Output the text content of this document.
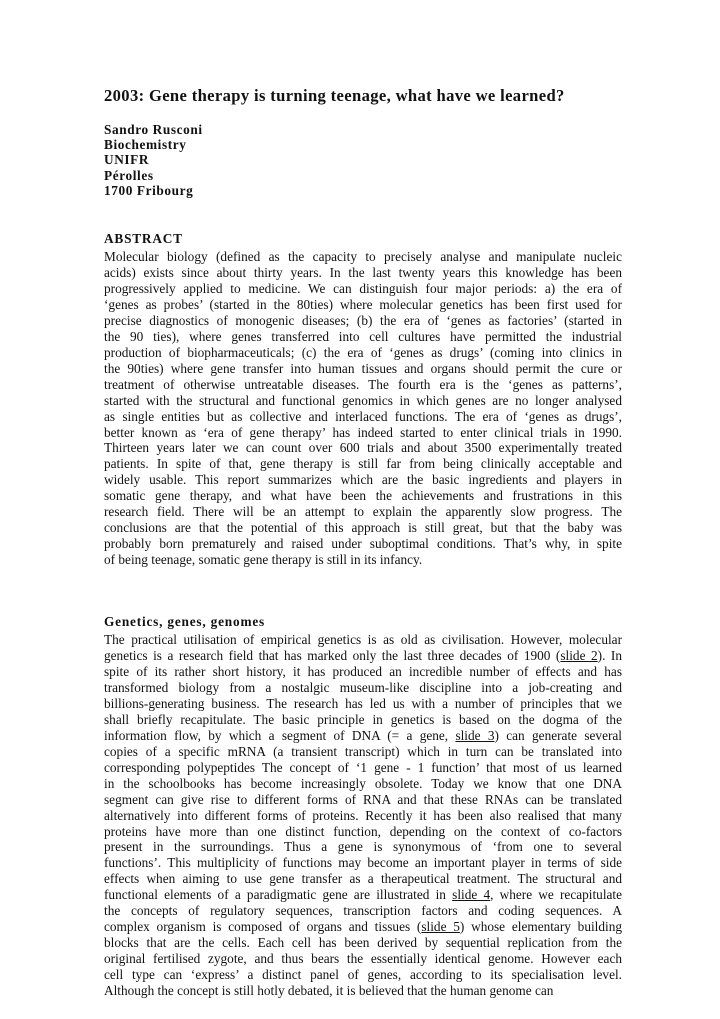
2003: Gene therapy is turning teenage, what have we learned?
Sandro Rusconi
Biochemistry
UNIFR
Pérolles
1700 Fribourg
ABSTRACT
Molecular biology (defined as the capacity to precisely analyse and manipulate nucleic
acids) exists since about thirty years. In the last twenty years this knowledge has been
progressively applied to medicine. We can distinguish four major periods: a) the era of
‘genes as probes’ (started in the 80ties) where molecular genetics has been first used for
precise diagnostics of monogenic diseases; (b) the era of ‘genes as factories’ (started in
the 90 ties), where genes transferred into cell cultures have permitted the industrial
production of biopharmaceuticals; (c) the era of ‘genes as drugs’ (coming into clinics in
the 90ties) where gene transfer into human tissues and organs should permit the cure or
treatment of otherwise untreatable diseases. The fourth era is the ‘genes as patterns’,
started with the structural and functional genomics in which genes are no longer analysed
as single entities but as collective and interlaced functions. The era of ‘genes as drugs’,
better known as ‘era of gene therapy’ has indeed started to enter clinical trials in 1990.
Thirteen years later we can count over 600 trials and about 3500 experimentally treated
patients. In spite of that, gene therapy is still far from being clinically acceptable and
widely usable. This report summarizes which are the basic ingredients and players in
somatic gene therapy, and what have been the achievements and frustrations in this
research field. There will be an attempt to explain the apparently slow progress. The
conclusions are that the potential of this approach is still great, but that the baby was
probably born prematurely and raised under suboptimal conditions. That’s why, in spite
of being teenage, somatic gene therapy is still in its infancy.
Genetics, genes, genomes
The practical utilisation of empirical genetics is as old as civilisation. However, molecular
genetics is a research field that has marked only the last three decades of 1900 (slide 2). In
spite of its rather short history, it has produced an incredible number of effects and has
transformed biology from a nostalgic museum-like discipline into a job-creating and
billions-generating business. The research has led us with a number of principles that we
shall briefly recapitulate. The basic principle in genetics is based on the dogma of the
information flow, by which a segment of DNA (= a gene, slide 3) can generate several
copies of a specific mRNA (a transient transcript) which in turn can be translated into
corresponding polypeptides The concept of ‘1 gene - 1 function’ that most of us learned
in the schoolbooks has become increasingly obsolete. Today we know that one DNA
segment can give rise to different forms of RNA and that these RNAs can be translated
alternatively into different forms of proteins. Recently it has been also realised that many
proteins have more than one distinct function, depending on the context of co-factors
present in the surroundings. Thus a gene is synonymous of ‘from one to several
functions’. This multiplicity of functions may become an important player in terms of side
effects when aiming to use gene transfer as a therapeutical treatment. The structural and
functional elements of a paradigmatic gene are illustrated in slide 4, where we recapitulate
the concepts of regulatory sequences, transcription factors and coding sequences. A
complex organism is composed of organs and tissues (slide 5) whose elementary building
blocks that are the cells. Each cell has been derived by sequential replication from the
original fertilised zygote, and thus bears the essentially identical genome. However each
cell type can ‘express’ a distinct panel of genes, according to its specialisation level.
Although the concept is still hotly debated, it is believed that the human genome can
